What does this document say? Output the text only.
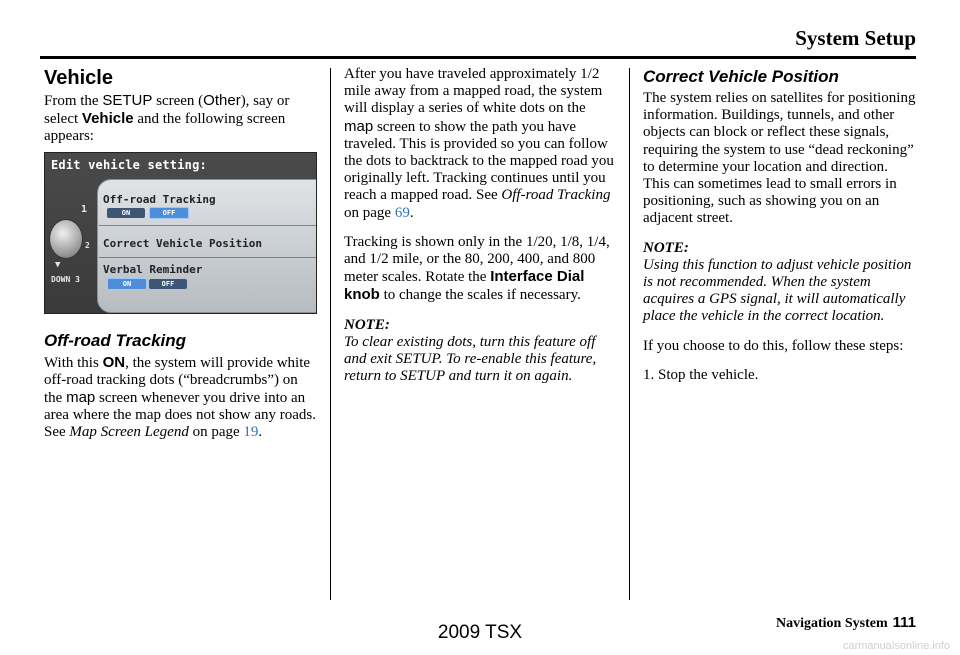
System Setup
Vehicle

From the SETUP screen (Other), say or select Vehicle and the following screen appears:

Edit vehicle setting:
1
2
▼
DOWN 3
Off-road Tracking
ON	OFF
Correct Vehicle Position
Verbal Reminder
ON	OFF
Off-road Tracking

With this ON, the system will provide white off-road tracking dots (“breadcrumbs”) on the map screen whenever you drive into an area where the map does not show any roads. See Map Screen Legend on page 19.

After you have traveled approximately 1/2 mile away from a mapped road, the system will display a series of white dots on the map screen to show the path you have traveled. This is provided so you can follow the dots to backtrack to the mapped road you originally left. Tracking continues until you reach a mapped road. See Off-road Tracking on page 69.

Tracking is shown only in the 1/20, 1/8, 1/4, and 1/2 mile, or the 80, 200, 400, and 800 meter scales. Rotate the Interface Dial knob to change the scales if necessary.

NOTE:

To clear existing dots, turn this feature off and exit SETUP. To re-enable this feature, return to SETUP and turn it on again.

Correct Vehicle Position

The system relies on satellites for positioning information. Buildings, tunnels, and other objects can block or reflect these signals, requiring the system to use “dead reckoning” to determine your location and direction. This can sometimes lead to small errors in positioning, such as showing you on an adjacent street.

NOTE:

Using this function to adjust vehicle position is not recommended. When the system acquires a GPS signal, it will automatically place the vehicle in the correct location.

If you choose to do this, follow these steps:

1. Stop the vehicle.

Navigation System 111
2009 TSX
carmanualsonline.info
